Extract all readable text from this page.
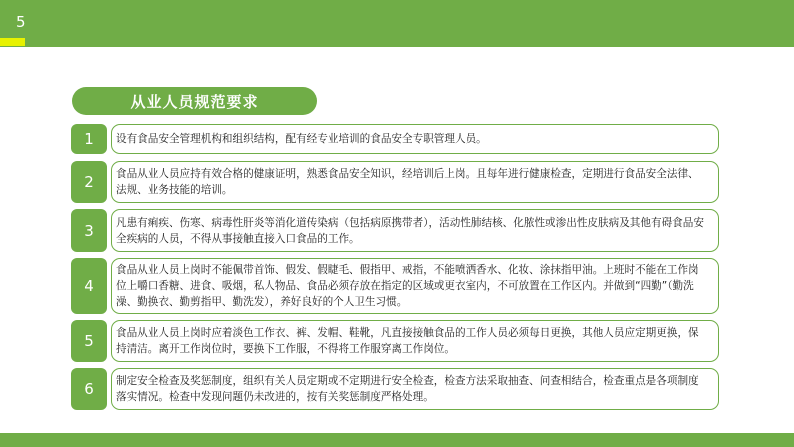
5
从业人员规范要求
1	设有食品安全管理机构和组织结构，配有经专业培训的食品安全专职管理人员。
2	食品从业人员应持有效合格的健康证明，熟悉食品安全知识，经培训后上岗。且每年进行健康检查，定期进行食品安全法律、法规、业务技能的培训。
3	凡患有痢疾、伤寒、病毒性肝炎等消化道传染病（包括病原携带者），活动性肺结核、化脓性或渗出性皮肤病及其他有碍食品安全疾病的人员，不得从事接触直接入口食品的工作。
4
食品从业人员上岗时不能佩带首饰、假发、假睫毛、假指甲、戒指，不能喷洒香水、化妆、涂抹指甲油。上班时不能在工作岗位上嚼口香糖、进食、吸烟，私人物品、食品必须存放在指定的区域或更衣室内，不可放置在工作区内。并做到“四勤”（勤洗澡、勤换衣、勤剪指甲、勤洗发），养好良好的个人卫生习惯。
5	食品从业人员上岗时应着淡色工作衣、裤、发帽、鞋靴，凡直接接触食品的工作人员必须每日更换，其他人员应定期更换，保持清洁。离开工作岗位时，要换下工作服，不得将工作服穿离工作岗位。
6	制定安全检查及奖惩制度，组织有关人员定期或不定期进行安全检查，检查方法采取抽查、问查相结合，检查重点是各项制度落实情况。检查中发现问题仍未改进的，按有关奖惩制度严格处理。
